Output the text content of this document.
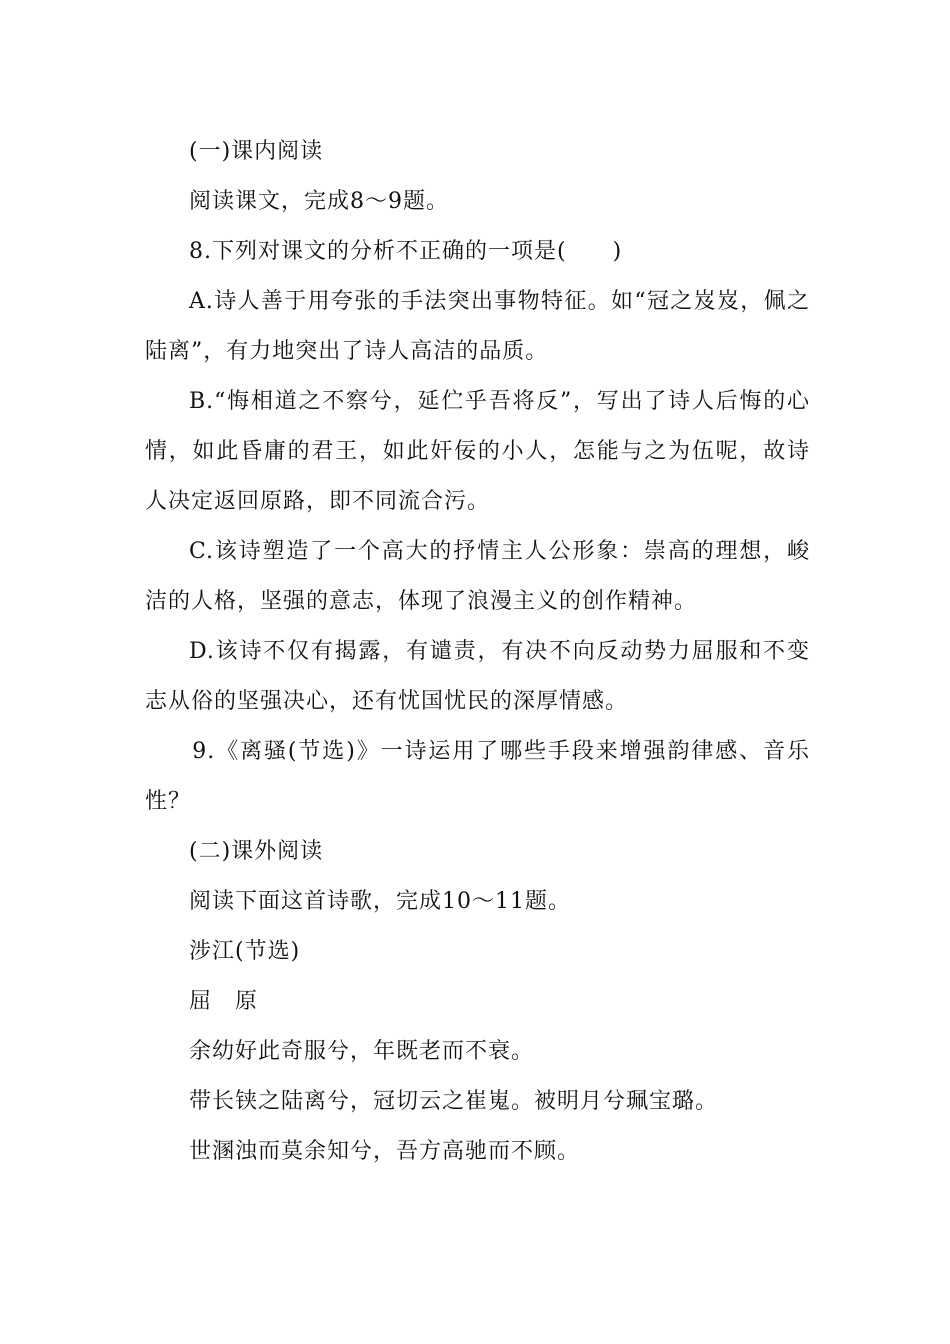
(一)课内阅读

阅读课文，完成8～9题。

8.下列对课文的分析不正确的一项是(　　)

A.诗人善于用夸张的手法突出事物特征。如“冠之岌岌，佩之陆离”，有力地突出了诗人高洁的品质。

B.“悔相道之不察兮，延伫乎吾将反”，写出了诗人后悔的心情，如此昏庸的君王，如此奸佞的小人，怎能与之为伍呢，故诗人决定返回原路，即不同流合污。

C.该诗塑造了一个高大的抒情主人公形象：崇高的理想，峻洁的人格，坚强的意志，体现了浪漫主义的创作精神。

D.该诗不仅有揭露，有谴责，有决不向反动势力屈服和不变志从俗的坚强决心，还有忧国忧民的深厚情感。

9.《离骚(节选)》一诗运用了哪些手段来增强韵律感、音乐性？

(二)课外阅读

阅读下面这首诗歌，完成10～11题。

涉江(节选)

屈　原

余幼好此奇服兮，年既老而不衰。

带长铗之陆离兮，冠切云之崔嵬。被明月兮珮宝璐。

世溷浊而莫余知兮，吾方高驰而不顾。
